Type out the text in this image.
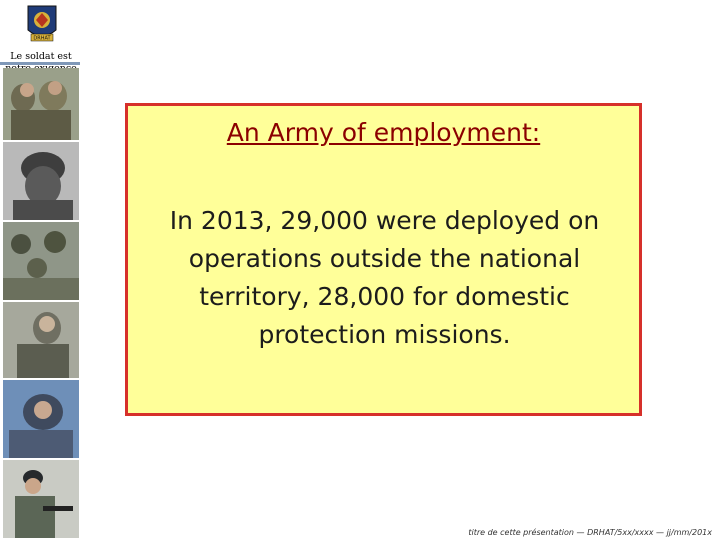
DRHAT
Le soldat est
An Army of employment:
In 2013, 29,000 were deployed on
operations outside the national
territory, 28,000 for domestic
protection missions.
titre de cette présentation — DRHAT/5xx/xxxx — jj/mm/201x
